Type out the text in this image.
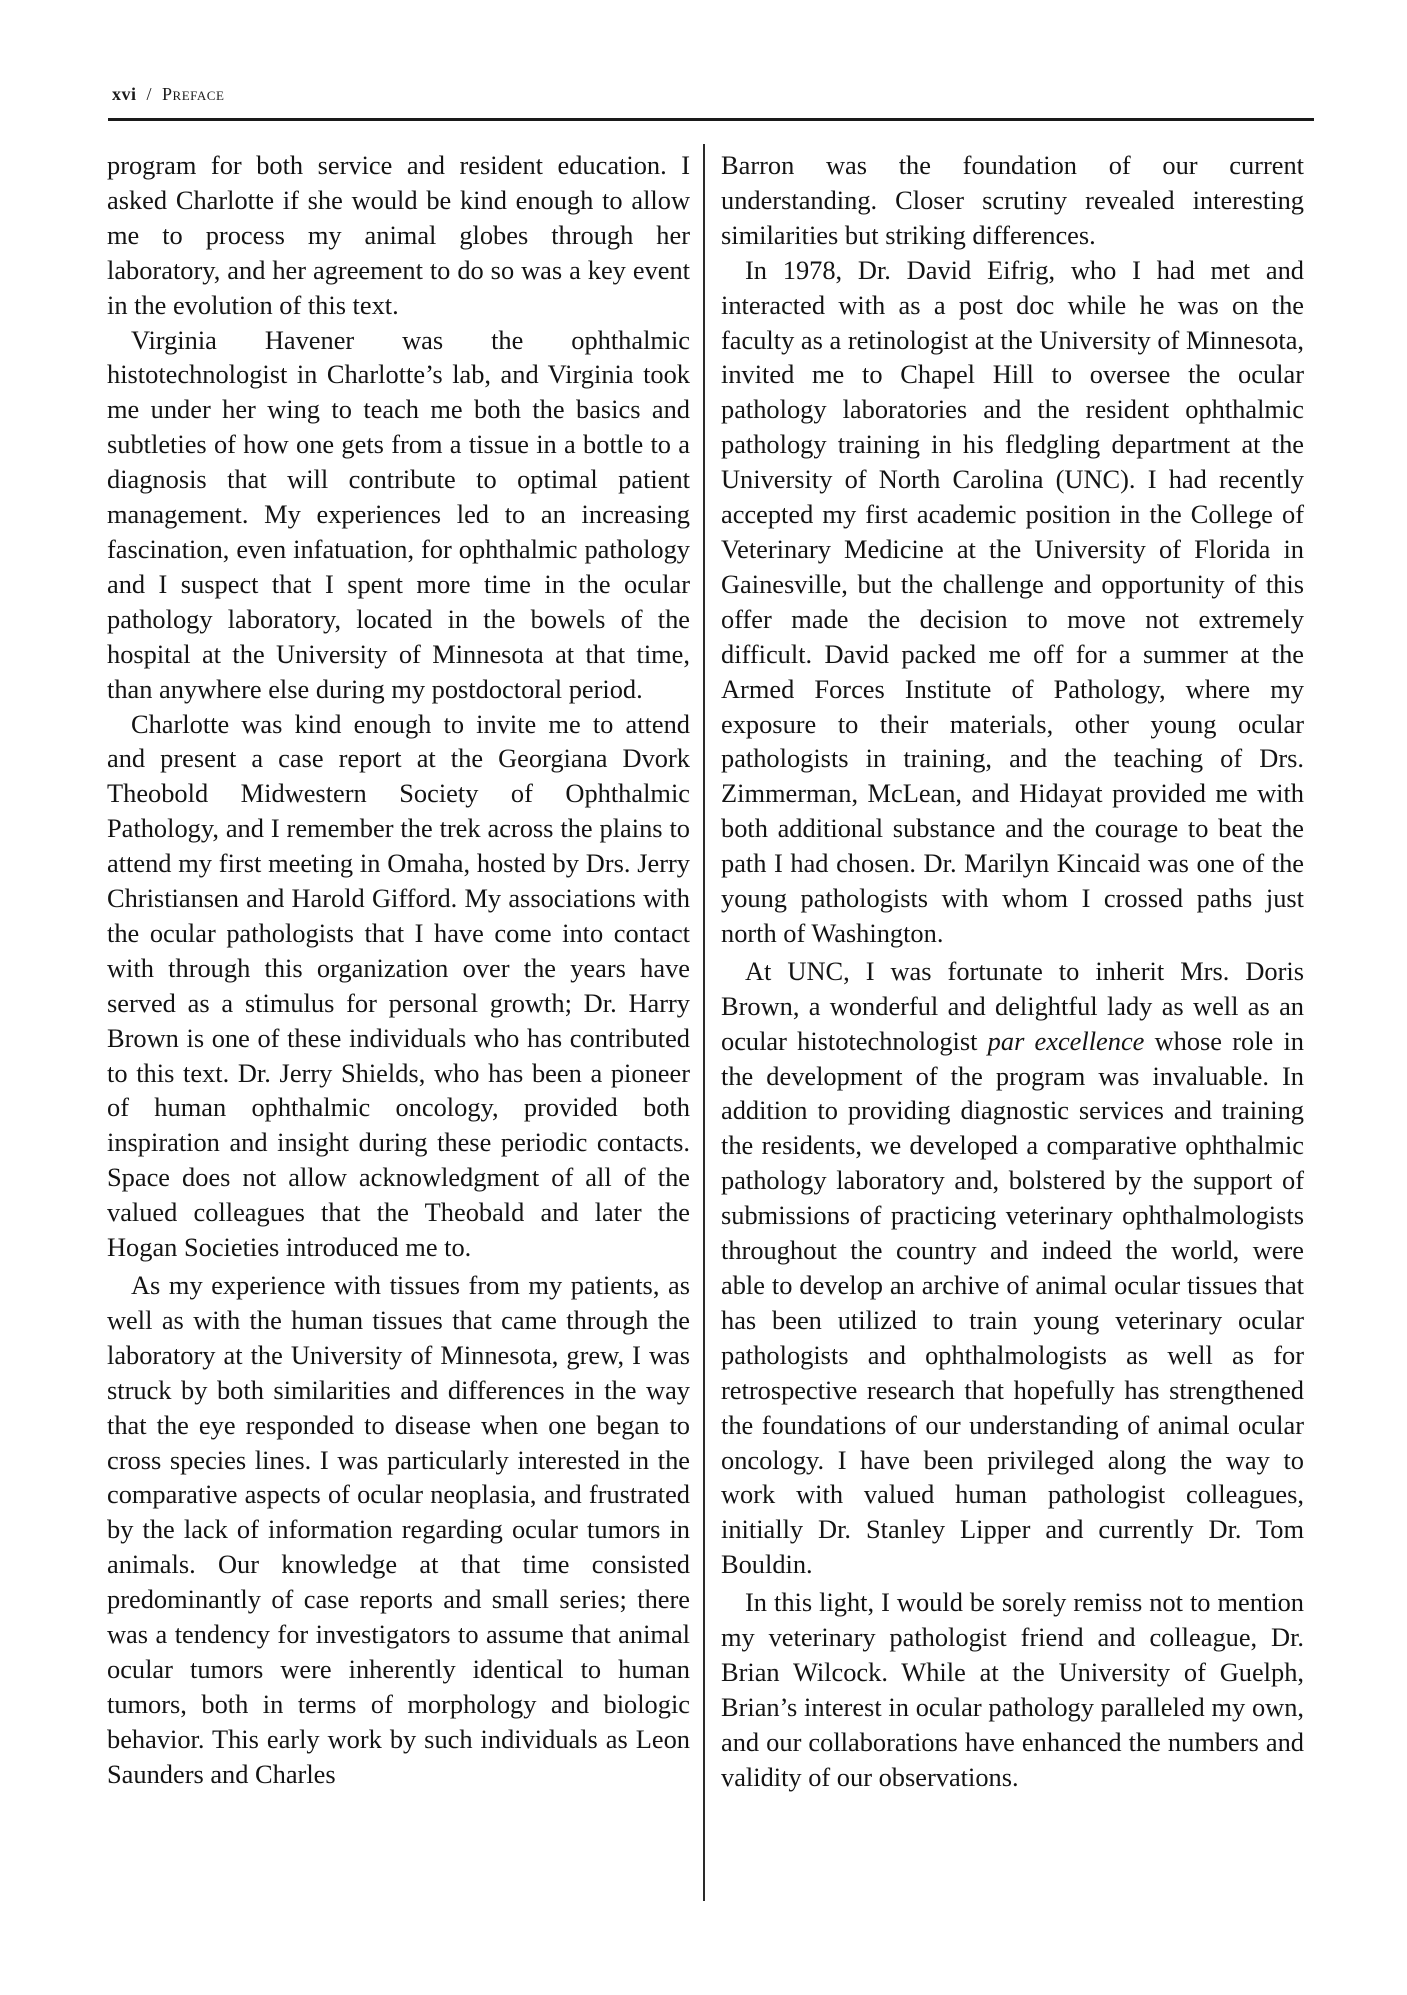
xvi / Preface

program for both service and resident education. I asked Charlotte if she would be kind enough to allow me to process my animal globes through her laboratory, and her agreement to do so was a key event in the evolution of this text.

Virginia Havener was the ophthalmic histotechnologist in Charlotte’s lab, and Virginia took me under her wing to teach me both the basics and subtleties of how one gets from a tissue in a bottle to a diagnosis that will contribute to optimal patient management. My experiences led to an increasing fascination, even infatuation, for ophthalmic pathology and I suspect that I spent more time in the ocular pathology laboratory, located in the bowels of the hospital at the University of Minnesota at that time, than anywhere else during my postdoctoral period.

Charlotte was kind enough to invite me to attend and present a case report at the Georgiana Dvork Theobold Midwestern Society of Ophthalmic Pathology, and I remember the trek across the plains to attend my first meeting in Omaha, hosted by Drs. Jerry Christiansen and Harold Gifford. My associations with the ocular pathologists that I have come into contact with through this organization over the years have served as a stimulus for personal growth; Dr. Harry Brown is one of these individuals who has contributed to this text. Dr. Jerry Shields, who has been a pioneer of human ophthalmic oncology, provided both inspiration and insight during these periodic contacts. Space does not allow acknowledgment of all of the valued colleagues that the Theobald and later the Hogan Societies introduced me to.

As my experience with tissues from my patients, as well as with the human tissues that came through the laboratory at the University of Minnesota, grew, I was struck by both similarities and differences in the way that the eye responded to disease when one began to cross species lines. I was particularly interested in the comparative aspects of ocular neoplasia, and frustrated by the lack of information regarding ocular tumors in animals. Our knowledge at that time consisted predominantly of case reports and small series; there was a tendency for investigators to assume that animal ocular tumors were inherently identical to human tumors, both in terms of morphology and biologic behavior. This early work by such individuals as Leon Saunders and Charles

Barron was the foundation of our current understanding. Closer scrutiny revealed interesting similarities but striking differences.

In 1978, Dr. David Eifrig, who I had met and interacted with as a post doc while he was on the faculty as a retinologist at the University of Minnesota, invited me to Chapel Hill to oversee the ocular pathology laboratories and the resident ophthalmic pathology training in his fledgling department at the University of North Carolina (UNC). I had recently accepted my first academic position in the College of Veterinary Medicine at the University of Florida in Gainesville, but the challenge and opportunity of this offer made the decision to move not extremely difficult. David packed me off for a summer at the Armed Forces Institute of Pathology, where my exposure to their materials, other young ocular pathologists in training, and the teaching of Drs. Zimmerman, McLean, and Hidayat provided me with both additional substance and the courage to beat the path I had chosen. Dr. Marilyn Kincaid was one of the young pathologists with whom I crossed paths just north of Washington.

At UNC, I was fortunate to inherit Mrs. Doris Brown, a wonderful and delightful lady as well as an ocular histotechnologist par excellence whose role in the development of the program was invaluable. In addition to providing diagnostic services and training the residents, we developed a comparative ophthalmic pathology laboratory and, bolstered by the support of submissions of practicing veterinary ophthalmologists throughout the country and indeed the world, were able to develop an archive of animal ocular tissues that has been utilized to train young veterinary ocular pathologists and ophthalmologists as well as for retrospective research that hopefully has strengthened the foundations of our understanding of animal ocular oncology. I have been privileged along the way to work with valued human pathologist colleagues, initially Dr. Stanley Lipper and currently Dr. Tom Bouldin.

In this light, I would be sorely remiss not to mention my veterinary pathologist friend and colleague, Dr. Brian Wilcock. While at the University of Guelph, Brian’s interest in ocular pathology paralleled my own, and our collaborations have enhanced the numbers and validity of our observations.
